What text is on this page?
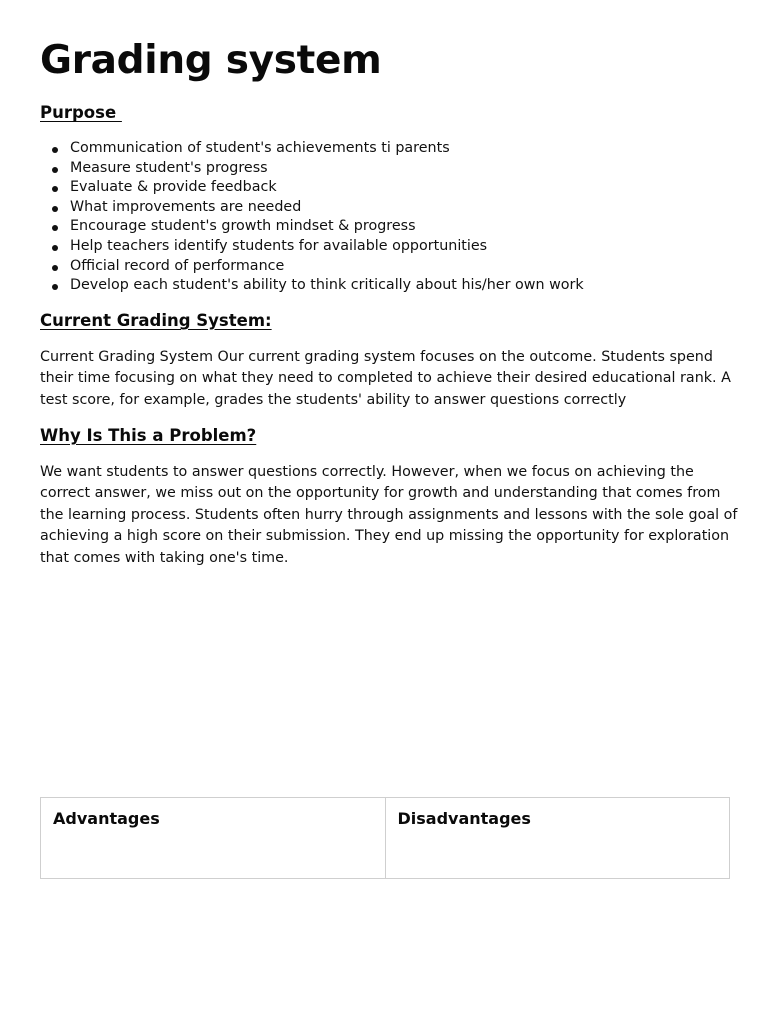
Grading system
Purpose
Communication of student's achievements ti parents
Measure student's progress
Evaluate & provide feedback
What improvements are needed
Encourage student's growth mindset & progress
Help teachers identify students for available opportunities
Official record of performance
Develop each student's ability to think critically about his/her own work
Current Grading System:

Current Grading System Our current grading system focuses on the outcome. Students spend their time focusing on what they need to completed to achieve their desired educational rank. A test score, for example, grades the students' ability to answer questions correctly

Why Is This a Problem?

We want students to answer questions correctly. However, when we focus on achieving the correct answer, we miss out on the opportunity for growth and understanding that comes from the learning process. Students often hurry through assignments and lessons with the sole goal of achieving a high score on their submission. They end up missing the opportunity for exploration that comes with taking one's time.

Advantages	Disadvantages
